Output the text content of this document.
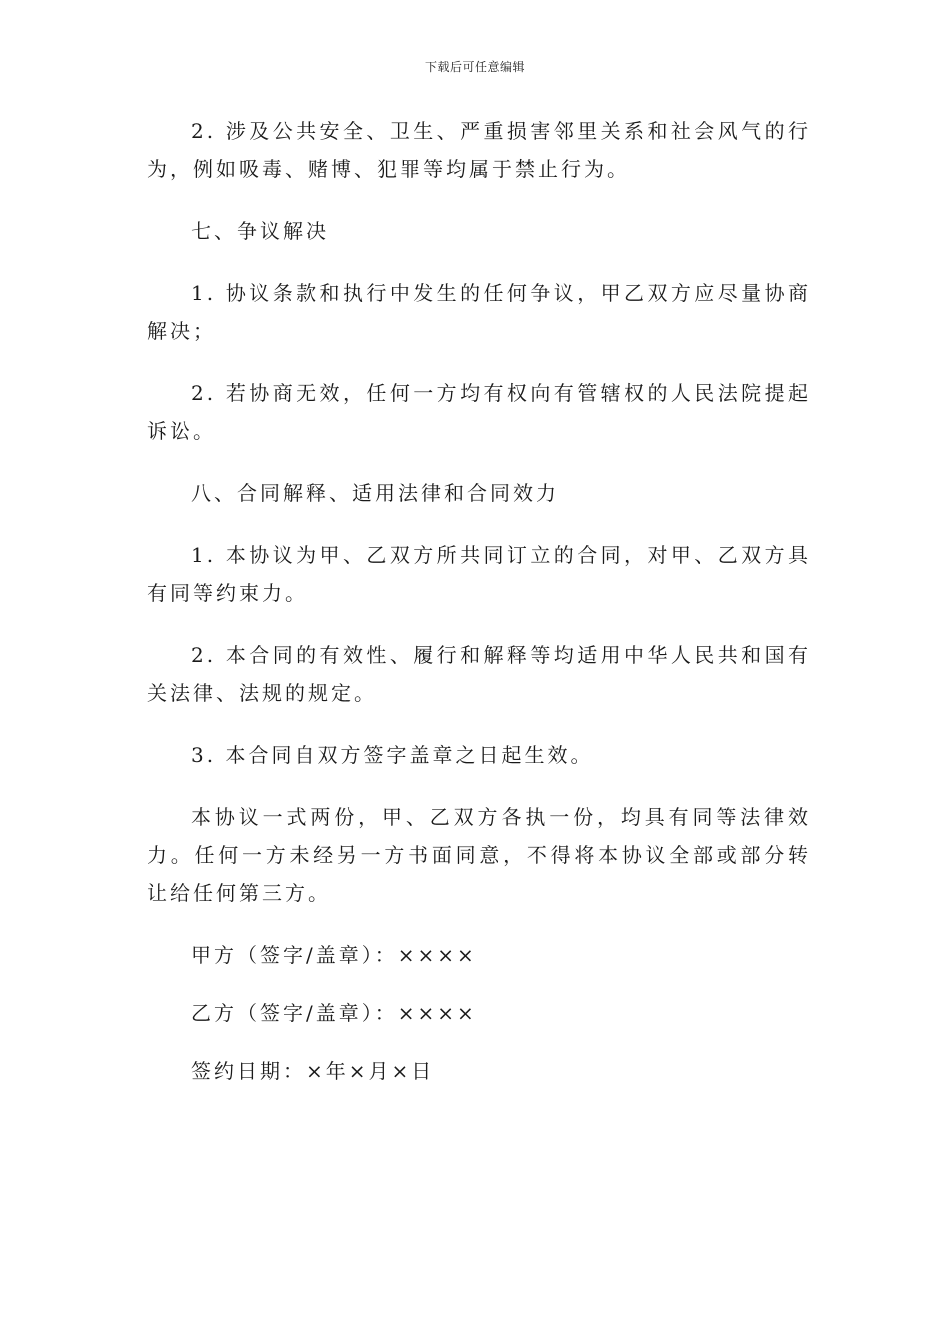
下载后可任意编辑

2. 涉及公共安全、卫生、严重损害邻里关系和社会风气的行为，例如吸毒、赌博、犯罪等均属于禁止行为。

七、争议解决

1. 协议条款和执行中发生的任何争议，甲乙双方应尽量协商解决；

2. 若协商无效，任何一方均有权向有管辖权的人民法院提起诉讼。

八、合同解释、适用法律和合同效力

1. 本协议为甲、乙双方所共同订立的合同，对甲、乙双方具有同等约束力。

2. 本合同的有效性、履行和解释等均适用中华人民共和国有关法律、法规的规定。

3. 本合同自双方签字盖章之日起生效。

本协议一式两份，甲、乙双方各执一份，均具有同等法律效力。任何一方未经另一方书面同意，不得将本协议全部或部分转让给任何第三方。

甲方（签字/盖章）：××××

乙方（签字/盖章）：××××

签约日期：×年×月×日
